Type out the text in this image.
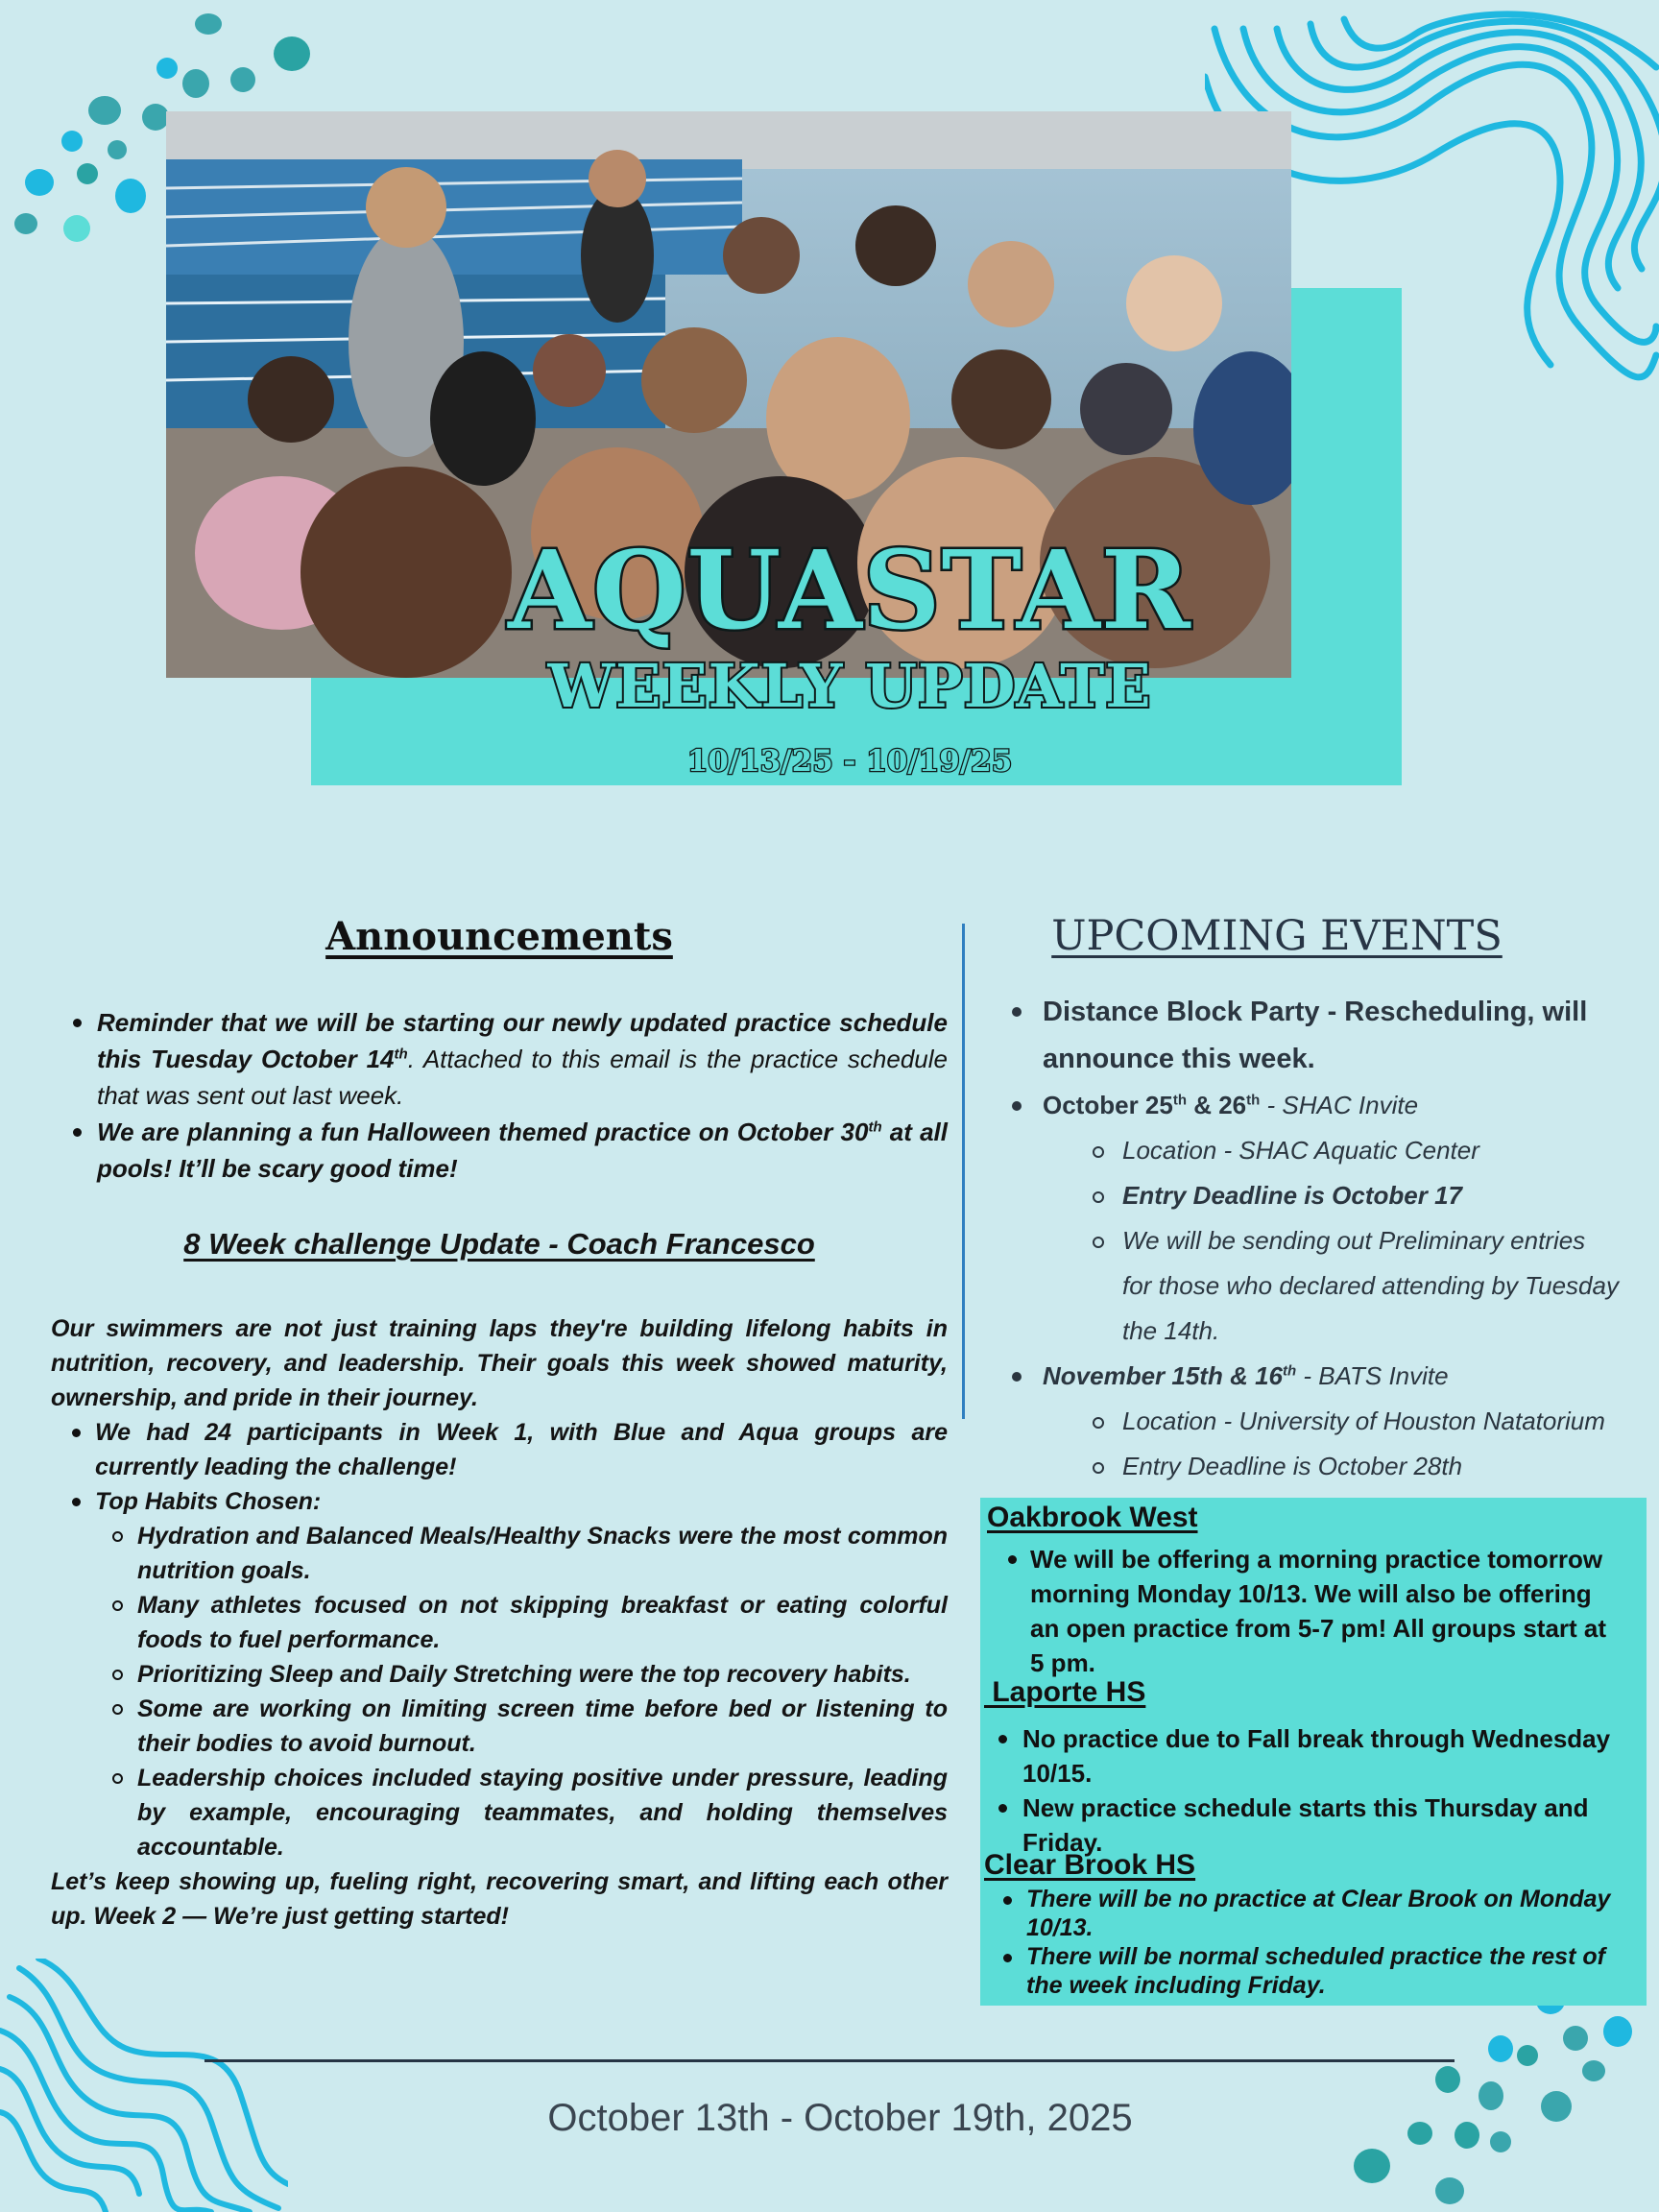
AQUASTAR
WEEKLY UPDATE
10/13/25 - 10/19/25
Announcements
Reminder that we will be starting our newly updated practice schedule this Tuesday October 14th. Attached to this email is the practice schedule that was sent out last week.
We are planning a fun Halloween themed practice on October 30th at all pools! It’ll be scary good time!
8 Week challenge Update - Coach Francesco

Our swimmers are not just training laps they're building lifelong habits in nutrition, recovery, and leadership. Their goals this week showed maturity, ownership, and pride in their journey.

We had 24 participants in Week 1, with Blue and Aqua groups are currently leading the challenge!
Top Habits Chosen:
Hydration and Balanced Meals/Healthy Snacks were the most common nutrition goals.
Many athletes focused on not skipping breakfast or eating colorful foods to fuel performance.
Prioritizing Sleep and Daily Stretching were the top recovery habits.
Some are working on limiting screen time before bed or listening to their bodies to avoid burnout.
Leadership choices included staying positive under pressure, leading by example, encouraging teammates, and holding themselves accountable.

Let’s keep showing up, fueling right, recovering smart, and lifting each other up. Week 2 — We’re just getting started!

UPCOMING EVENTS
Distance Block Party - Rescheduling, will announce this week.
October 25th & 26th - SHAC Invite
Location - SHAC Aquatic Center
Entry Deadline is October 17
We will be sending out Preliminary entries for those who declared attending by Tuesday the 14th.
November 15th & 16th - BATS Invite
Location - University of Houston Natatorium
Entry Deadline is October 28th
Oakbrook West
We will be offering a morning practice tomorrow morning Monday 10/13. We will also be offering an open practice from 5-7 pm! All groups start at 5 pm.
Laporte HS
No practice due to Fall break through Wednesday 10/15.
New practice schedule starts this Thursday and Friday.
Clear Brook HS
There will be no practice at Clear Brook on Monday 10/13.
There will be normal scheduled practice the rest of the week including Friday.
October 13th - October 19th, 2025
